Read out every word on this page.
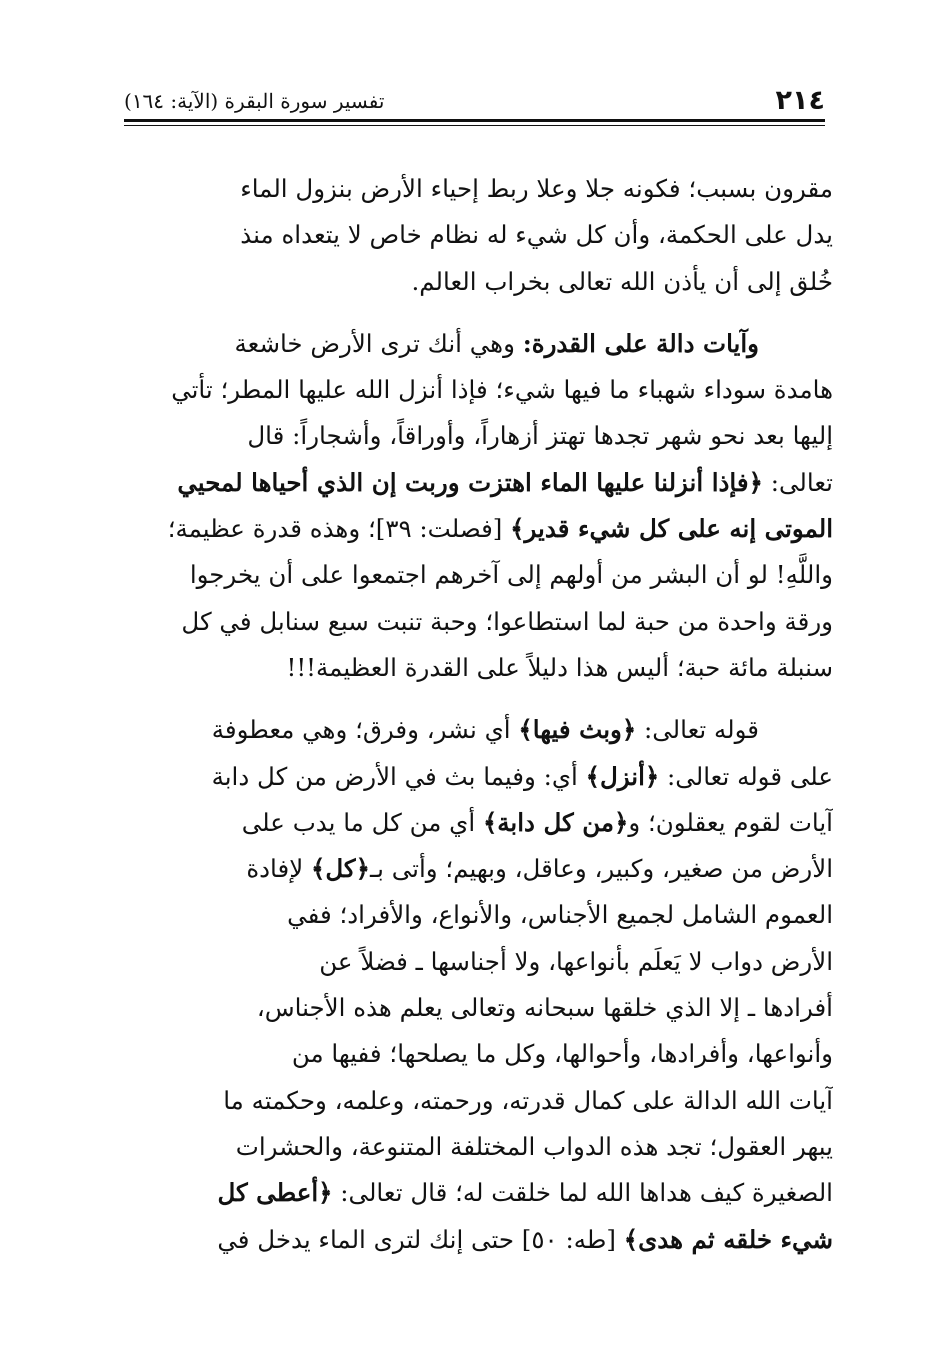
٢١٤
تفسير سورة البقرة (الآية: ١٦٤)
مقرون بسبب؛ فكونه جلا وعلا ربط إحياء الأرض بنزول الماء
يدل على الحكمة، وأن كل شيء له نظام خاص لا يتعداه منذ
خُلق إلى أن يأذن الله تعالى بخراب العالم.
وآيات دالة على القدرة: وهي أنك ترى الأرض خاشعة
هامدة سوداء شهباء ما فيها شيء؛ فإذا أنزل الله عليها المطر؛ تأتي
إليها بعد نحو شهر تجدها تهتز أزهاراً، وأوراقاً، وأشجاراً: قال
تعالى: ﴿فإذا أنزلنا عليها الماء اهتزت وربت إن الذي أحياها لمحيي
الموتى إنه على كل شيء قدير﴾ [فصلت: ٣٩]؛ وهذه قدرة عظيمة؛
واللَّهِ! لو أن البشر من أولهم إلى آخرهم اجتمعوا على أن يخرجوا
ورقة واحدة من حبة لما استطاعوا؛ وحبة تنبت سبع سنابل في كل
سنبلة مائة حبة؛ أليس هذا دليلاً على القدرة العظيمة!!!
قوله تعالى: ﴿وبث فيها﴾ أي نشر، وفرق؛ وهي معطوفة
على قوله تعالى: ﴿أنزل﴾ أي: وفيما بث في الأرض من كل دابة
آيات لقوم يعقلون؛ و﴿من كل دابة﴾ أي من كل ما يدب على
الأرض من صغير، وكبير، وعاقل، وبهيم؛ وأتى بـ﴿كل﴾ لإفادة
العموم الشامل لجميع الأجناس، والأنواع، والأفراد؛ ففي
الأرض دواب لا يَعلَم بأنواعها، ولا أجناسها ـ فضلاً عن
أفرادها ـ إلا الذي خلقها سبحانه وتعالى يعلم هذه الأجناس،
وأنواعها، وأفرادها، وأحوالها، وكل ما يصلحها؛ ففيها من
آيات الله الدالة على كمال قدرته، ورحمته، وعلمه، وحكمته ما
يبهر العقول؛ تجد هذه الدواب المختلفة المتنوعة، والحشرات
الصغيرة كيف هداها الله لما خلقت له؛ قال تعالى: ﴿أعطى كل
شيء خلقه ثم هدى﴾ [طه: ٥٠] حتى إنك لترى الماء يدخل في
